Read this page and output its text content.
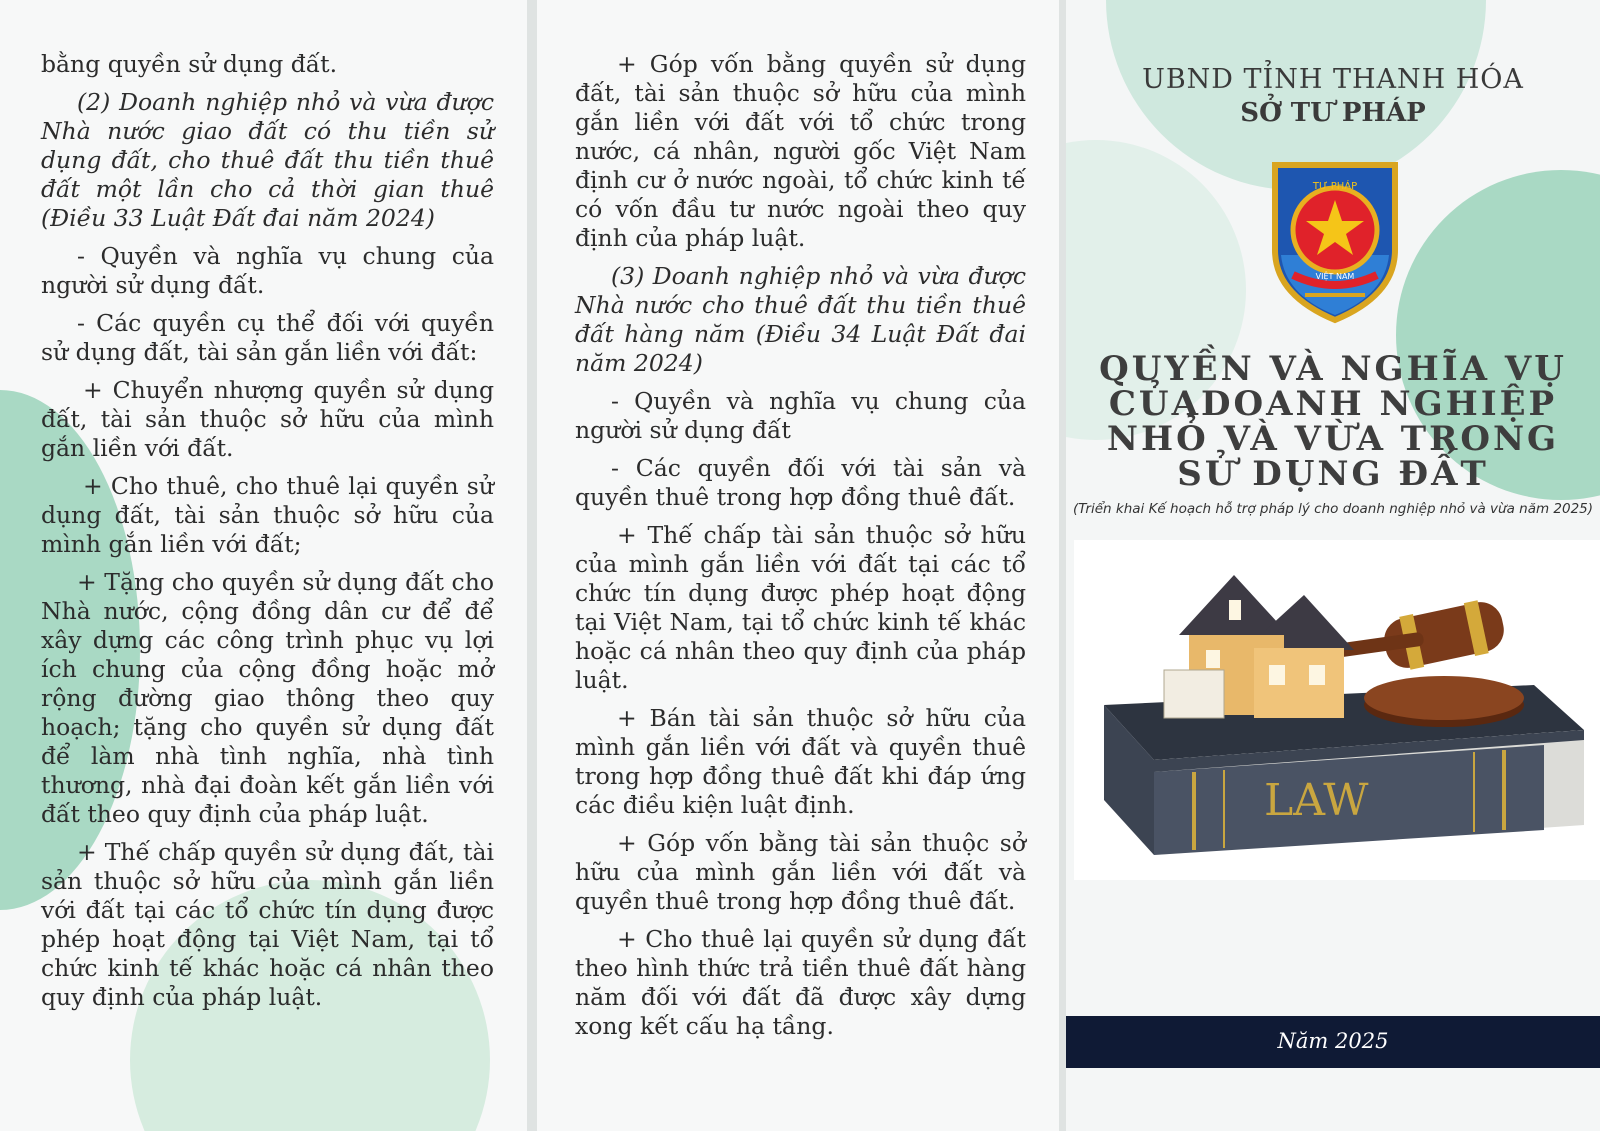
bằng quyền sử dụng đất.

(2) Doanh nghiệp nhỏ và vừa được Nhà nước giao đất có thu tiền sử dụng đất, cho thuê đất thu tiền thuê đất một lần cho cả thời gian thuê (Điều 33 Luật Đất đai năm 2024)

- Quyền và nghĩa vụ chung của người sử dụng đất.

- Các quyền cụ thể đối với quyền sử dụng đất, tài sản gắn liền với đất:

+ Chuyển nhượng quyền sử dụng đất, tài sản thuộc sở hữu của mình gắn liền với đất.

+ Cho thuê, cho thuê lại quyền sử dụng đất, tài sản thuộc sở hữu của mình gắn liền với đất;

+ Tặng cho quyền sử dụng đất cho Nhà nước, cộng đồng dân cư để để xây dựng các công trình phục vụ lợi ích chung của cộng đồng hoặc mở rộng đường giao thông theo quy hoạch; tặng cho quyền sử dụng đất để làm nhà tình nghĩa, nhà tình thương, nhà đại đoàn kết gắn liền với đất theo quy định của pháp luật.

+ Thế chấp quyền sử dụng đất, tài sản thuộc sở hữu của mình gắn liền với đất tại các tổ chức tín dụng được phép hoạt động tại Việt Nam, tại tổ chức kinh tế khác hoặc cá nhân theo quy định của pháp luật.

+ Góp vốn bằng quyền sử dụng đất, tài sản thuộc sở hữu của mình gắn liền với đất với tổ chức trong nước, cá nhân, người gốc Việt Nam định cư ở nước ngoài, tổ chức kinh tế có vốn đầu tư nước ngoài theo quy định của pháp luật.

(3) Doanh nghiệp nhỏ và vừa được Nhà nước cho thuê đất thu tiền thuê đất hàng năm (Điều 34 Luật Đất đai năm 2024)

- Quyền và nghĩa vụ chung của người sử dụng đất

- Các quyền đối với tài sản và quyền thuê trong hợp đồng thuê đất.

+ Thế chấp tài sản thuộc sở hữu của mình gắn liền với đất tại các tổ chức tín dụng được phép hoạt động tại Việt Nam, tại tổ chức kinh tế khác hoặc cá nhân theo quy định của pháp luật.

+ Bán tài sản thuộc sở hữu của mình gắn liền với đất và quyền thuê trong hợp đồng thuê đất khi đáp ứng các điều kiện luật định.

+ Góp vốn bằng tài sản thuộc sở hữu của mình gắn liền với đất và quyền thuê trong hợp đồng thuê đất.

+ Cho thuê lại quyền sử dụng đất theo hình thức trả tiền thuê đất hàng năm đối với đất đã được xây dựng xong kết cấu hạ tầng.

UBND TỈNH THANH HÓA
SỞ TƯ PHÁP
TƯ PHÁP
VIỆT NAM
QUYỀN VÀ NGHĨA VỤ
CỦADOANH NGHIỆP
NHỎ VÀ VỪA TRONG
SỬ DỤNG ĐẤT
(Triển khai Kế hoạch hỗ trợ pháp lý cho doanh nghiệp nhỏ và vừa năm 2025)
LAW
Năm 2025
